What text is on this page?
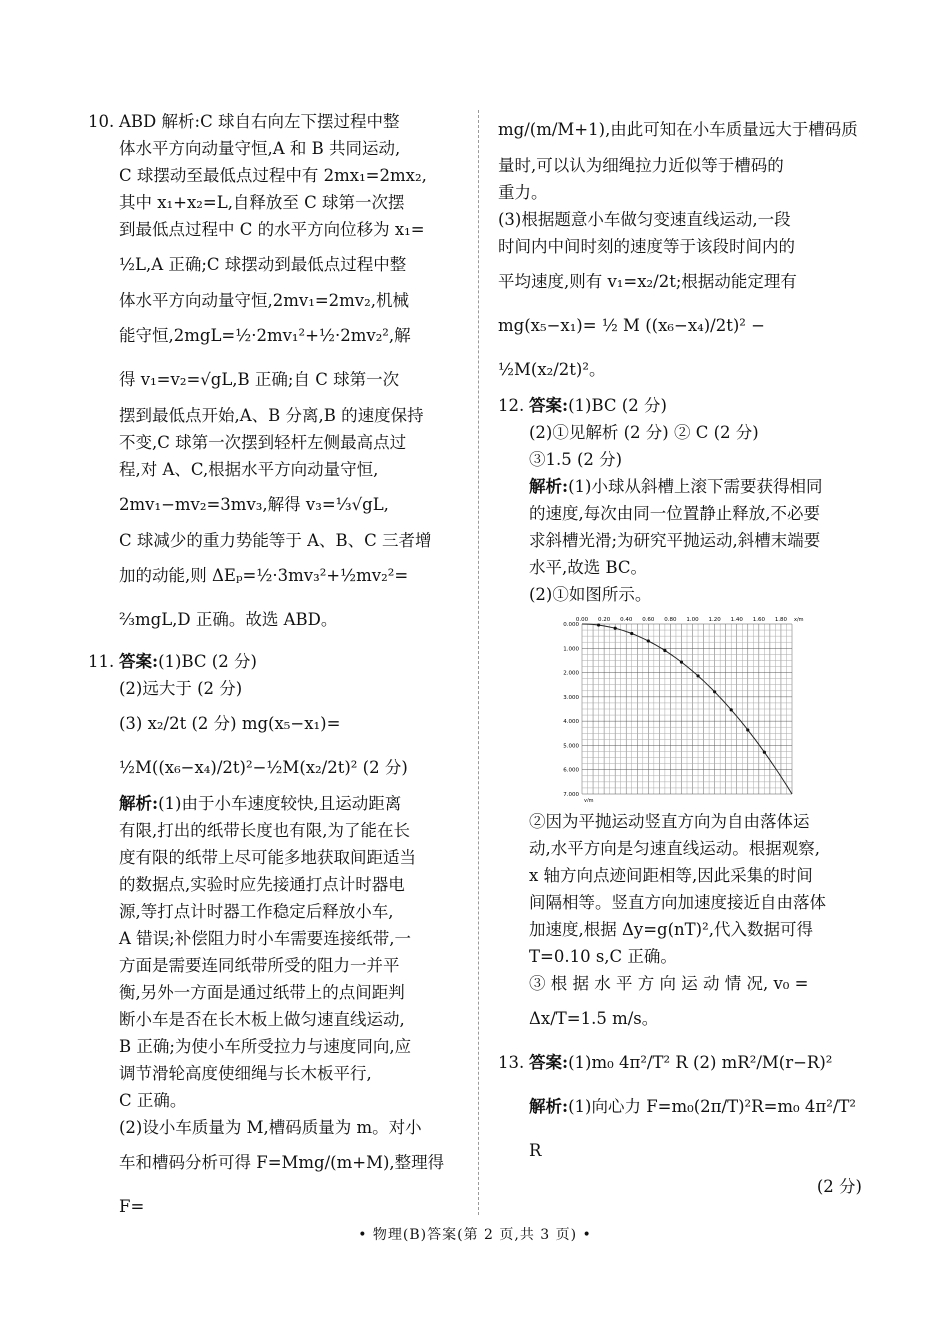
10. ABD 解析:C 球自右向左下摆过程中整

体水平方向动量守恒,A 和 B 共同运动,

C 球摆动至最低点过程中有 2mx₁=2mx₂,

其中 x₁+x₂=L,自释放至 C 球第一次摆

到最低点过程中 C 的水平方向位移为 x₁=

½L,A 正确;C 球摆动到最低点过程中整

体水平方向动量守恒,2mv₁=2mv₂,机械

能守恒,2mgL=½·2mv₁²+½·2mv₂²,解

得 v₁=v₂=√gL,B 正确;自 C 球第一次

摆到最低点开始,A、B 分离,B 的速度保持

不变,C 球第一次摆到轻杆左侧最高点过

程,对 A、C,根据水平方向动量守恒,

2mv₁−mv₂=3mv₃,解得 v₃=⅓√gL,

C 球减少的重力势能等于 A、B、C 三者增

加的动能,则 ΔEₚ=½·3mv₃²+½mv₂²=

⅔mgL,D 正确。故选 ABD。

11. 答案:(1)BC (2 分)

(2)远大于 (2 分)

(3) x₂/2t (2 分) mg(x₅−x₁)=

½M((x₆−x₄)/2t)²−½M(x₂/2t)² (2 分)

解析:(1)由于小车速度较快,且运动距离

有限,打出的纸带长度也有限,为了能在长

度有限的纸带上尽可能多地获取间距适当

的数据点,实验时应先接通打点计时器电

源,等打点计时器工作稳定后释放小车,

A 错误;补偿阻力时小车需要连接纸带,一

方面是需要连同纸带所受的阻力一并平

衡,另外一方面是通过纸带上的点间距判

断小车是否在长木板上做匀速直线运动,

B 正确;为使小车所受拉力与速度同向,应

调节滑轮高度使细绳与长木板平行,

C 正确。

(2)设小车质量为 M,槽码质量为 m。对小

车和槽码分析可得 F=Mmg/(m+M),整理得 F=

mg/(m/M+1),由此可知在小车质量远大于槽码质

量时,可以认为细绳拉力近似等于槽码的

重力。

(3)根据题意小车做匀变速直线运动,一段

时间内中间时刻的速度等于该段时间内的

平均速度,则有 v₁=x₂/2t;根据动能定理有

mg(x₅−x₁)= ½ M ((x₆−x₄)/2t)² −

½M(x₂/2t)²。

12. 答案:(1)BC (2 分)

(2)①见解析 (2 分) ② C (2 分)

③1.5 (2 分)

解析:(1)小球从斜槽上滚下需要获得相同

的速度,每次由同一位置静止释放,不必要

求斜槽光滑;为研究平抛运动,斜槽末端要

水平,故选 BC。

(2)①如图所示。

0.00 0.20 0.40 0.60 0.80 1.00 1.20 1.40 1.60 1.80 x/m
0.000
1.000
2.000
3.000
4.000
5.000
6.000
7.000
y/m

②因为平抛运动竖直方向为自由落体运

动,水平方向是匀速直线运动。根据观察,

x 轴方向点迹间距相等,因此采集的时间

间隔相等。竖直方向加速度接近自由落体

加速度,根据 Δy=g(nT)²,代入数据可得

T=0.10 s,C 正确。

③ 根 据 水 平 方 向 运 动 情 况, v₀ =

Δx/T=1.5 m/s。

13. 答案:(1)m₀ 4π²/T² R (2) mR²/M(r−R)²

解析:(1)向心力 F=m₀(2π/T)²R=m₀ 4π²/T² R

(2 分)

• 物理(B)答案(第 2 页,共 3 页) •
